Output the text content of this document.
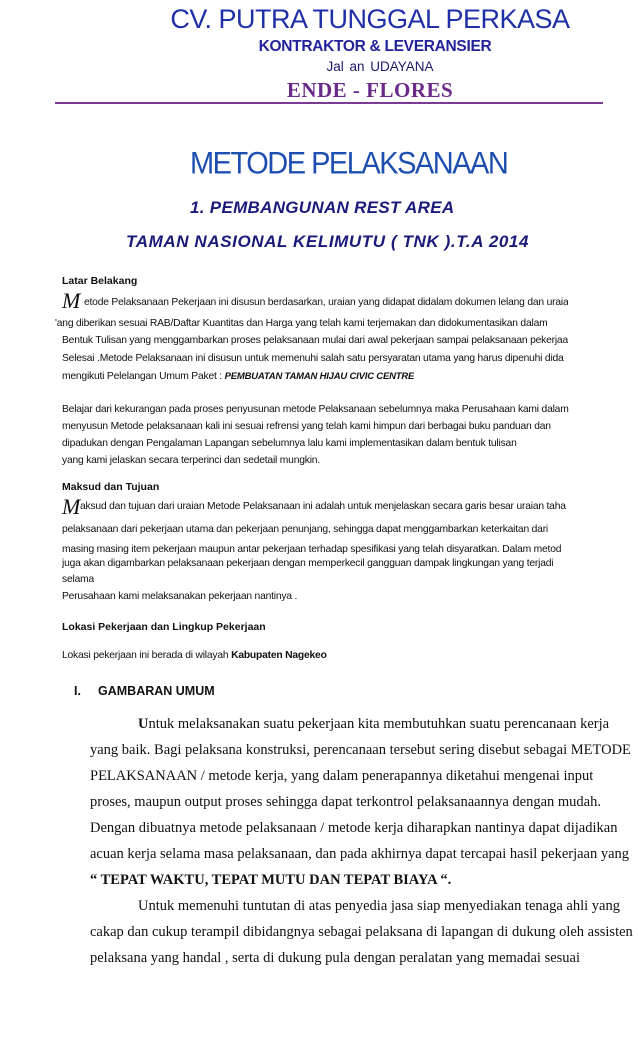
CV. PUTRA TUNGGAL PERKASA
KONTRAKTOR & LEVERANSIER
Jal an UDAYANA
ENDE - FLORES
METODE PELAKSANAAN
1. PEMBANGUNAN REST AREA
TAMAN NASIONAL KELIMUTU ( TNK ).T.A 2014
Latar Belakang
M etode Pelaksanaan Pekerjaan ini disusun berdasarkan, uraian yang didapat didalam dokumen lelang dan uraia
'ang diberikan sesuai RAB/Daftar Kuantitas dan Harga yang telah kami terjemakan dan didokumentasikan dalam
Bentuk Tulisan yang menggambarkan proses pelaksanaan mulai dari awal pekerjaan sampai pelaksanaan pekerjaa
Selesai .Metode Pelaksanaan ini disusun untuk memenuhi salah satu persyaratan utama yang harus dipenuhi dida
mengikuti Pelelangan Umum Paket : PEMBUATAN TAMAN HIJAU CIVIC CENTRE
Belajar dari kekurangan pada proses penyusunan metode Pelaksanaan sebelumnya maka Perusahaan kami dalam
menyusun Metode pelaksanaan kali ini sesuai refrensi yang telah kami himpun dari berbagai buku panduan dan
dipadukan dengan Pengalaman Lapangan sebelumnya lalu kami implementasikan dalam bentuk tulisan
yang kami jelaskan secara terperinci dan sedetail mungkin.
Maksud dan Tujuan
M aksud dan tujuan dari uraian Metode Pelaksanaan ini adalah untuk menjelaskan secara garis besar uraian taha
pelaksanaan dari pekerjaan utama dan pekerjaan penunjang, sehingga dapat menggambarkan keterkaitan dari
masing masing item pekerjaan maupun antar pekerjaan terhadap spesifikasi yang telah disyaratkan. Dalam metod
juga akan digambarkan pelaksanaan pekerjaan dengan memperkecil gangguan dampak lingkungan yang terjadi
selama
Perusahaan kami melaksanakan pekerjaan nantinya .
Lokasi Pekerjaan dan Lingkup Pekerjaan
Lokasi pekerjaan ini berada di wilayah Kabupaten Nagekeo
I. GAMBARAN UMUM
Untuk melaksanakan suatu pekerjaan kita membutuhkan suatu perencanaan kerja
yang baik. Bagi pelaksana konstruksi, perencanaan tersebut sering disebut sebagai METODE
PELAKSANAAN / metode kerja, yang dalam penerapannya diketahui mengenai input
proses, maupun output proses sehingga dapat terkontrol pelaksanaannya dengan mudah.
Dengan dibuatnya metode pelaksanaan / metode kerja diharapkan nantinya dapat dijadikan
acuan kerja selama masa pelaksanaan, dan pada akhirnya dapat tercapai hasil pekerjaan yang
“ TEPAT WAKTU, TEPAT MUTU DAN TEPAT BIAYA “.
Untuk memenuhi tuntutan di atas penyedia jasa siap menyediakan tenaga ahli yang
cakap dan cukup terampil dibidangnya sebagai pelaksana di lapangan di dukung oleh assisten
pelaksana yang handal , serta di dukung pula dengan peralatan yang memadai sesuai
